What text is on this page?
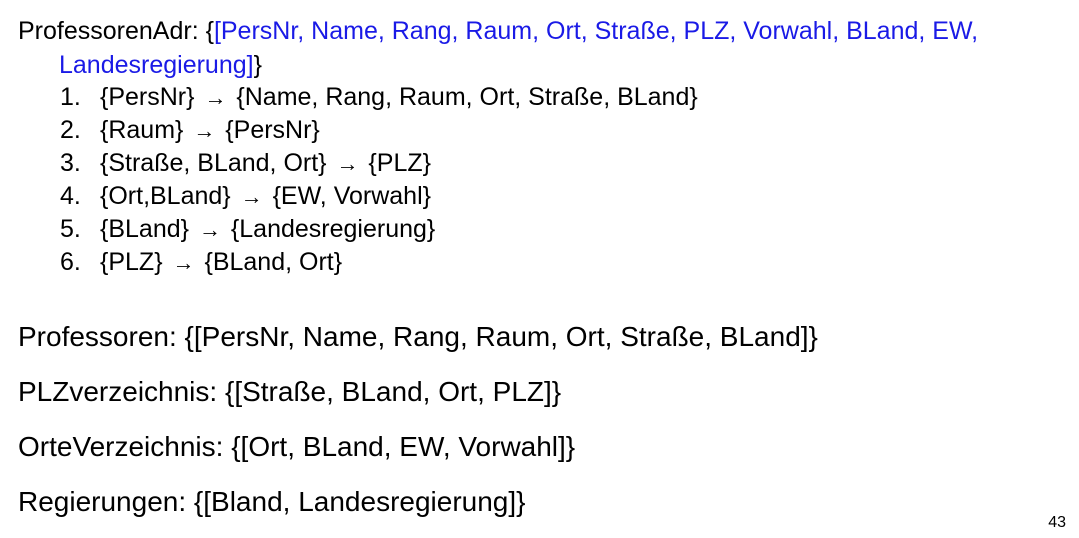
ProfessorenAdr: {[PersNr, Name, Rang, Raum, Ort, Straße, PLZ, Vorwahl, BLand, EW,
Landesregierung]}
1. {PersNr} → {Name, Rang, Raum, Ort, Straße, BLand}
2. {Raum} → {PersNr}
3. {Straße, BLand, Ort} → {PLZ}
4. {Ort,BLand} → {EW, Vorwahl}
5. {BLand} → {Landesregierung}
6. {PLZ} → {BLand, Ort}
Professoren: {[PersNr, Name, Rang, Raum, Ort, Straße, BLand]}
PLZverzeichnis: {[Straße, BLand, Ort, PLZ]}
OrteVerzeichnis: {[Ort, BLand, EW, Vorwahl]}
Regierungen: {[Bland, Landesregierung]}
43
